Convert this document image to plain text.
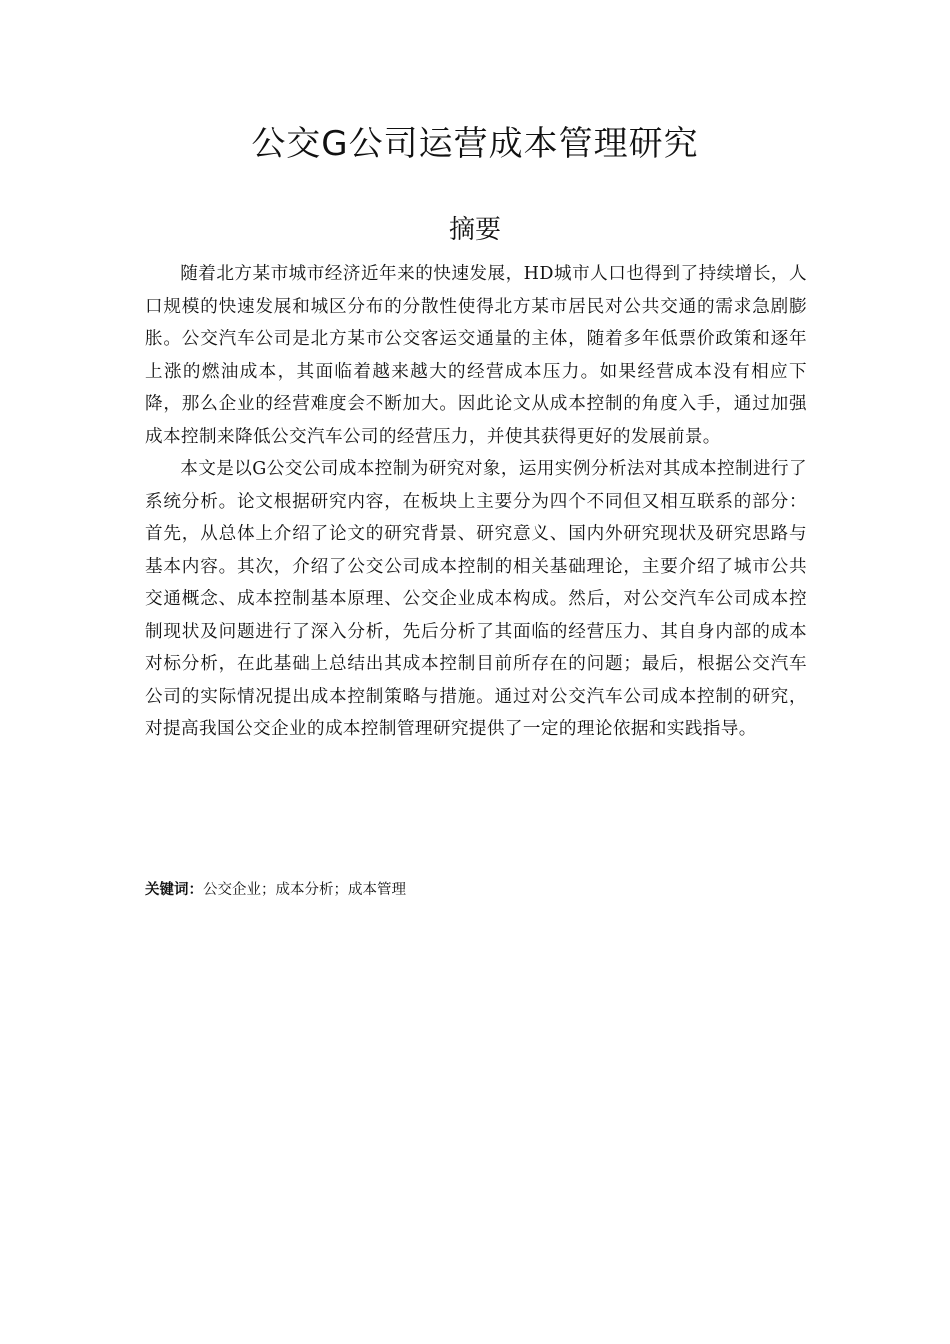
公交G公司运营成本管理研究
摘要

随着北方某市城市经济近年来的快速发展，HD城市人口也得到了持续增长，人口规模的快速发展和城区分布的分散性使得北方某市居民对公共交通的需求急剧膨胀。公交汽车公司是北方某市公交客运交通量的主体，随着多年低票价政策和逐年上涨的燃油成本，其面临着越来越大的经营成本压力。如果经营成本没有相应下降，那么企业的经营难度会不断加大。因此论文从成本控制的角度入手，通过加强成本控制来降低公交汽车公司的经营压力，并使其获得更好的发展前景。

本文是以G公交公司成本控制为研究对象，运用实例分析法对其成本控制进行了系统分析。论文根据研究内容，在板块上主要分为四个不同但又相互联系的部分：首先，从总体上介绍了论文的研究背景、研究意义、国内外研究现状及研究思路与基本内容。其次，介绍了公交公司成本控制的相关基础理论，主要介绍了城市公共交通概念、成本控制基本原理、公交企业成本构成。然后，对公交汽车公司成本控制现状及问题进行了深入分析，先后分析了其面临的经营压力、其自身内部的成本对标分析，在此基础上总结出其成本控制目前所存在的问题；最后，根据公交汽车公司的实际情况提出成本控制策略与措施。通过对公交汽车公司成本控制的研究，对提高我国公交企业的成本控制管理研究提供了一定的理论依据和实践指导。

关键词：公交企业；成本分析；成本管理
